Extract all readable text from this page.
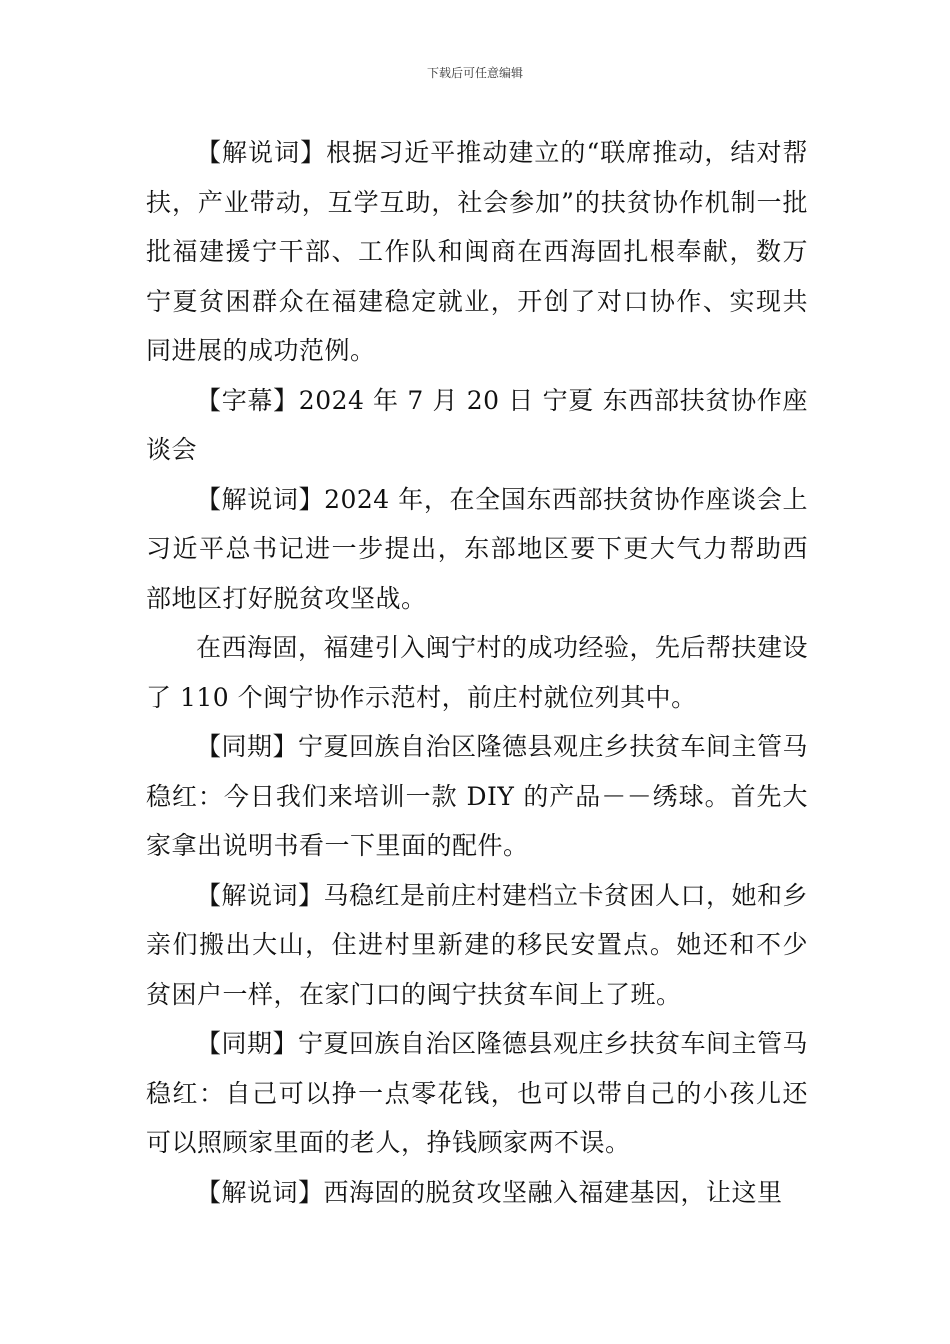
下载后可任意编辑

【解说词】根据习近平推动建立的“联席推动，结对帮扶，产业带动，互学互助，社会参加”的扶贫协作机制一批批福建援宁干部、工作队和闽商在西海固扎根奉献，数万宁夏贫困群众在福建稳定就业，开创了对口协作、实现共同进展的成功范例。

【字幕】2024 年 7 月 20 日 宁夏 东西部扶贫协作座谈会

【解说词】2024 年，在全国东西部扶贫协作座谈会上习近平总书记进一步提出，东部地区要下更大气力帮助西部地区打好脱贫攻坚战。

在西海固，福建引入闽宁村的成功经验，先后帮扶建设了 110 个闽宁协作示范村，前庄村就位列其中。

【同期】宁夏回族自治区隆德县观庄乡扶贫车间主管马稳红：今日我们来培训一款 DIY 的产品－－绣球。首先大家拿出说明书看一下里面的配件。

【解说词】马稳红是前庄村建档立卡贫困人口，她和乡亲们搬出大山，住进村里新建的移民安置点。她还和不少贫困户一样，在家门口的闽宁扶贫车间上了班。

【同期】宁夏回族自治区隆德县观庄乡扶贫车间主管马稳红：自己可以挣一点零花钱，也可以带自己的小孩儿还可以照顾家里面的老人，挣钱顾家两不误。

【解说词】西海固的脱贫攻坚融入福建基因，让这里
